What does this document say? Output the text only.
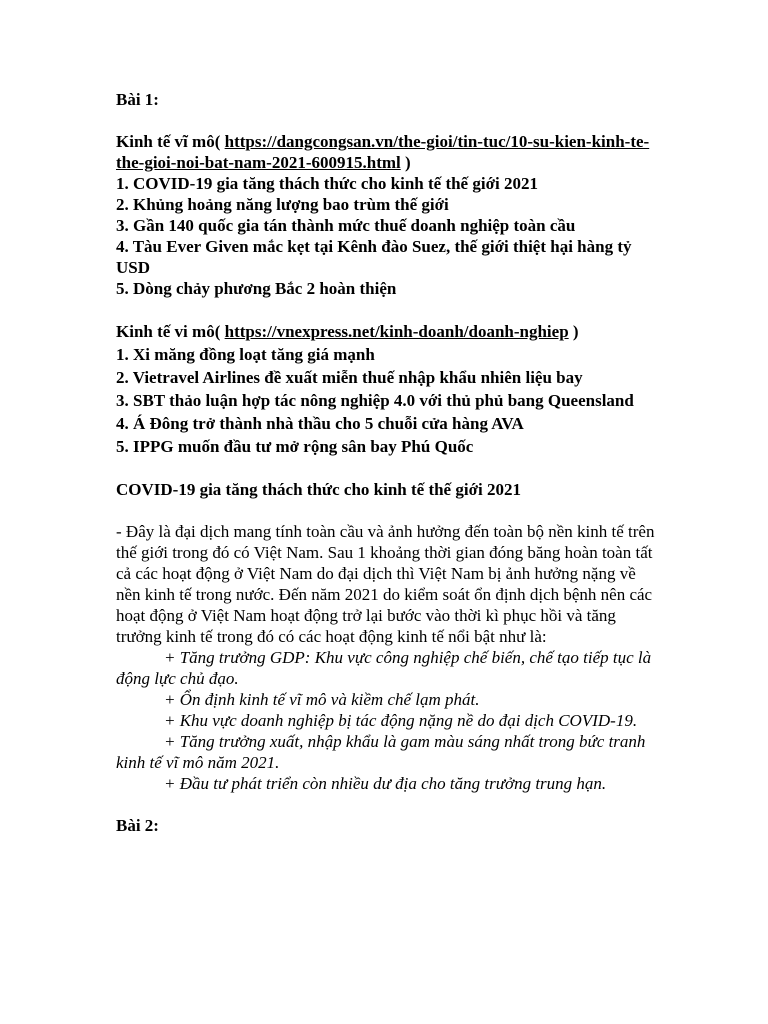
Bài 1:
Kinh tế vĩ mô( https://dangcongsan.vn/the-gioi/tin-tuc/10-su-kien-kinh-te-the-gioi-noi-bat-nam-2021-600915.html )
1. COVID-19 gia tăng thách thức cho kinh tế thế giới 2021
2. Khủng hoảng năng lượng bao trùm thế giới
3. Gần 140 quốc gia tán thành mức thuế doanh nghiệp toàn cầu
4. Tàu Ever Given mắc kẹt tại Kênh đào Suez, thế giới thiệt hại hàng tỷ USD
5. Dòng chảy phương Bắc 2 hoàn thiện
Kinh tế vi mô( https://vnexpress.net/kinh-doanh/doanh-nghiep )
1. Xi măng đồng loạt tăng giá mạnh
2. Vietravel Airlines đề xuất miễn thuế nhập khẩu nhiên liệu bay
3. SBT thảo luận hợp tác nông nghiệp 4.0 với thủ phủ bang Queensland
4. Á Đông trở thành nhà thầu cho 5 chuỗi cửa hàng AVA
5. IPPG muốn đầu tư mở rộng sân bay Phú Quốc
COVID-19 gia tăng thách thức cho kinh tế thế giới 2021
- Đây là đại dịch mang tính toàn cầu và ảnh hưởng đến toàn bộ nền kinh tế trên thế giới trong đó có Việt Nam. Sau 1 khoảng thời gian đóng băng hoàn toàn tất cả các hoạt động ở Việt Nam do đại dịch thì Việt Nam bị ảnh hưởng nặng về nền kinh tế trong nước. Đến năm 2021 do kiểm soát ổn định dịch bệnh nên các hoạt động ở Việt Nam hoạt động trở lại bước vào thời kì phục hồi và tăng trưởng kinh tế trong đó có các hoạt động kinh tế nổi bật như là:
+ Tăng trưởng GDP: Khu vực công nghiệp chế biến, chế tạo tiếp tục là động lực chủ đạo.
+ Ổn định kinh tế vĩ mô và kiềm chế lạm phát.
+ Khu vực doanh nghiệp bị tác động nặng nề do đại dịch COVID-19.
+ Tăng trưởng xuất, nhập khẩu là gam màu sáng nhất trong bức tranh kinh tế vĩ mô năm 2021.
+ Đầu tư phát triển còn nhiều dư địa cho tăng trưởng trung hạn.
Bài 2:
